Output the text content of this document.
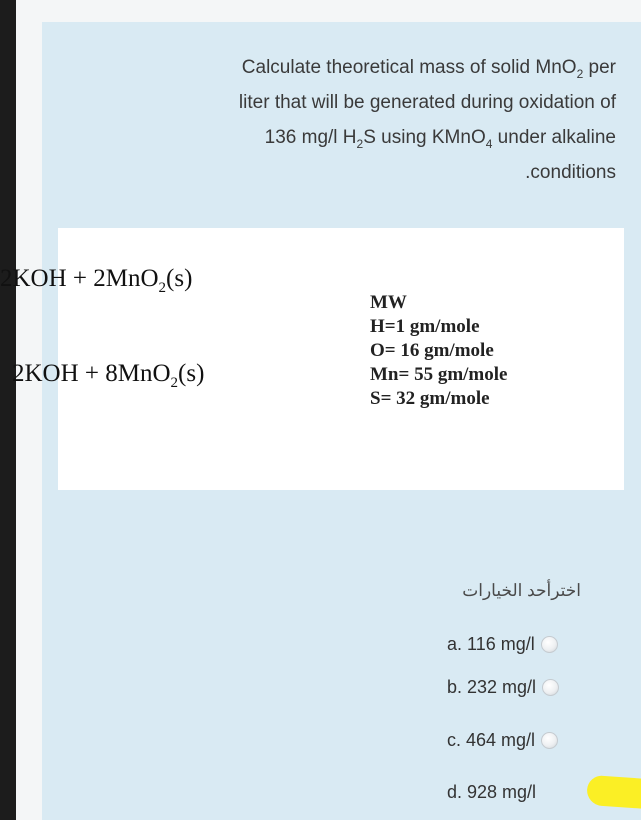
Calculate theoretical mass of solid MnO$_2$ per
liter that will be generated during oxidation of
136 mg/l $H_2S$ using KMnO$_4$ under alkaline
.conditions
اخترأحد الخيارات
a. 116 mg/l
b. 232 mg/l
c. 464 mg/l
d. 928 mg/l
2KOH + 2MnO$_2$(s)
2KOH + 8MnO$_2$(s)
MW
H=1 gm/mole
O= 16 gm/mole
Mn= 55 gm/mole
S= 32 gm/mole
